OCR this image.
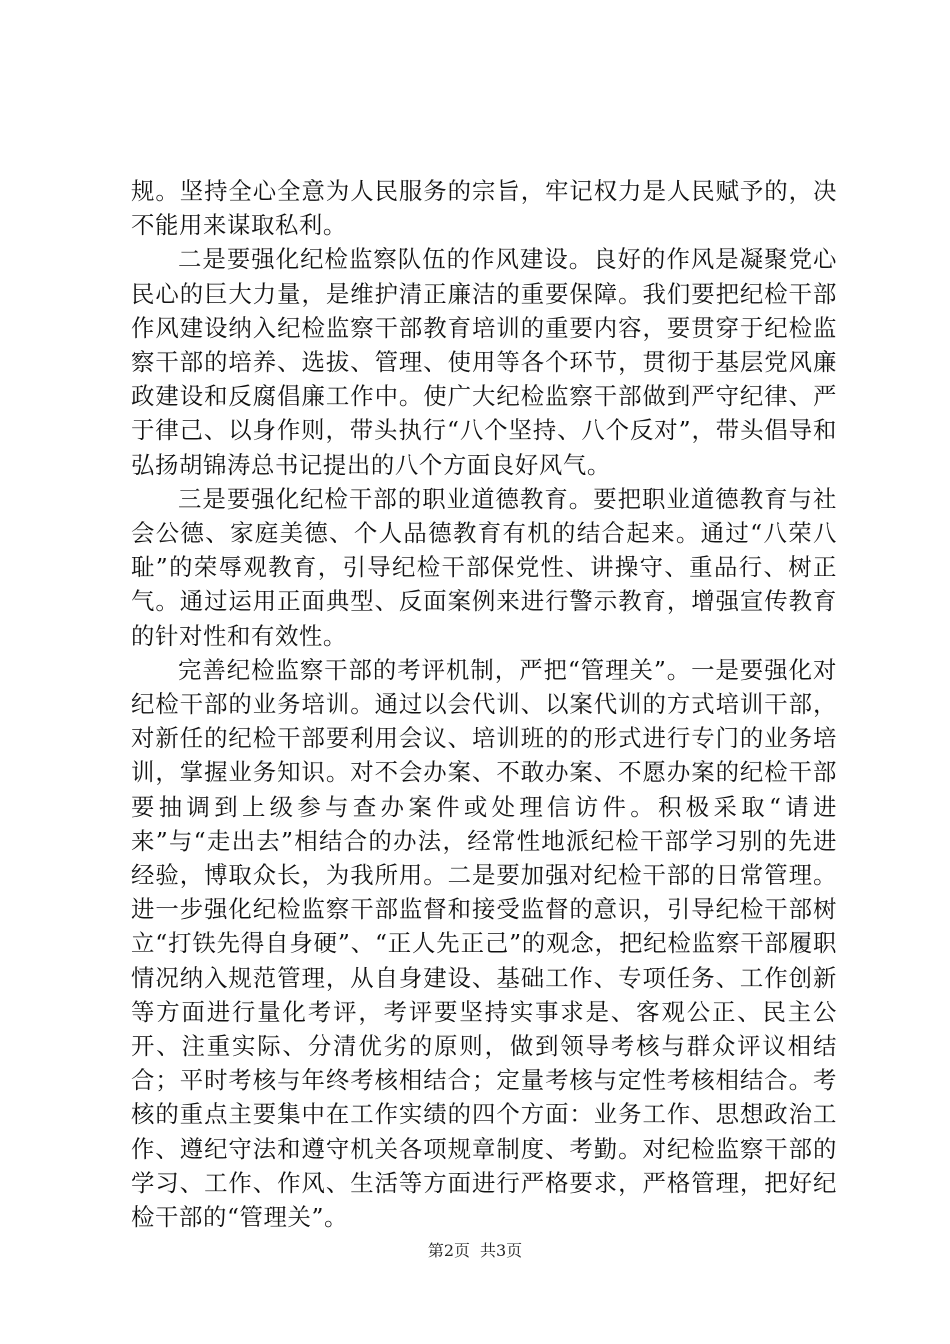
规。坚持全心全意为人民服务的宗旨，牢记权力是人民赋予的，决不能用来谋取私利。

二是要强化纪检监察队伍的作风建设。良好的作风是凝聚党心民心的巨大力量，是维护清正廉洁的重要保障。我们要把纪检干部作风建设纳入纪检监察干部教育培训的重要内容，要贯穿于纪检监察干部的培养、选拔、管理、使用等各个环节，贯彻于基层党风廉政建设和反腐倡廉工作中。使广大纪检监察干部做到严守纪律、严于律己、以身作则，带头执行“八个坚持、八个反对”，带头倡导和弘扬胡锦涛总书记提出的八个方面良好风气。

三是要强化纪检干部的职业道德教育。要把职业道德教育与社会公德、家庭美德、个人品德教育有机的结合起来。通过“八荣八耻”的荣辱观教育，引导纪检干部保党性、讲操守、重品行、树正气。通过运用正面典型、反面案例来进行警示教育，增强宣传教育的针对性和有效性。

完善纪检监察干部的考评机制，严把“管理关”。一是要强化对纪检干部的业务培训。通过以会代训、以案代训的方式培训干部，对新任的纪检干部要利用会议、培训班的的形式进行专门的业务培训，掌握业务知识。对不会办案、不敢办案、不愿办案的纪检干部要抽调到上级参与查办案件或处理信访件。积极采取“请进来”与“走出去”相结合的办法，经常性地派纪检干部学习别的先进经验，博取众长，为我所用。二是要加强对纪检干部的日常管理。进一步强化纪检监察干部监督和接受监督的意识，引导纪检干部树立“打铁先得自身硬”、“正人先正己”的观念，把纪检监察干部履职情况纳入规范管理，从自身建设、基础工作、专项任务、工作创新等方面进行量化考评，考评要坚持实事求是、客观公正、民主公开、注重实际、分清优劣的原则，做到领导考核与群众评议相结合；平时考核与年终考核相结合；定量考核与定性考核相结合。考核的重点主要集中在工作实绩的四个方面：业务工作、思想政治工作、遵纪守法和遵守机关各项规章制度、考勤。对纪检监察干部的学习、工作、作风、生活等方面进行严格要求，严格管理，把好纪检干部的“管理关”。

第2页 共3页
